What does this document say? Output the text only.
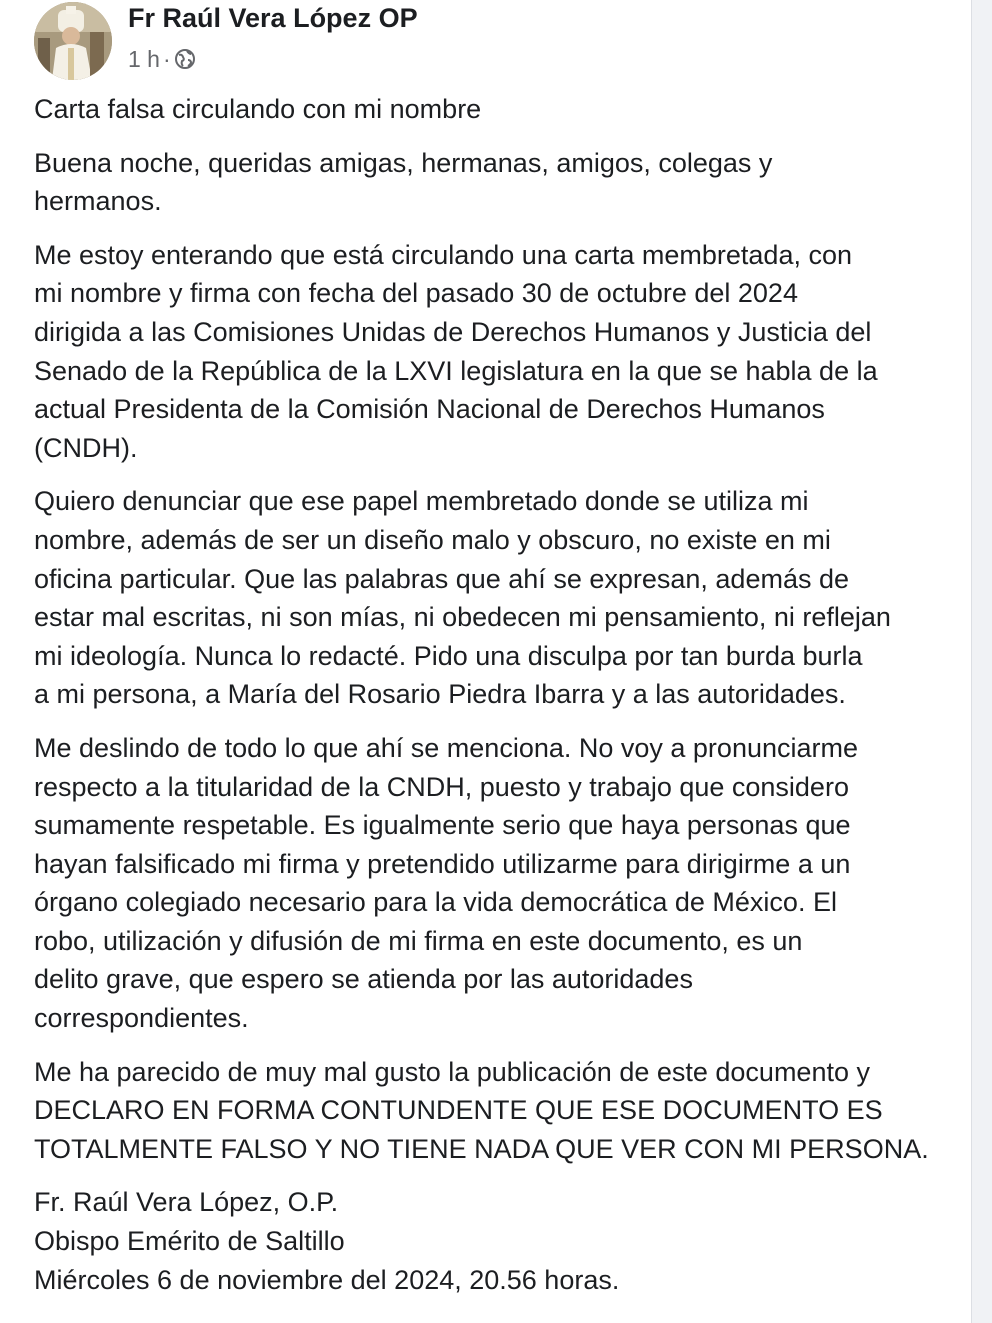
Fr Raúl Vera López OP
1 h ·

Carta falsa circulando con mi nombre

Buena noche, queridas amigas, hermanas, amigos, colegas y
hermanos.

Me estoy enterando que está circulando una carta membretada, con
mi nombre y firma con fecha del pasado 30 de octubre del 2024
dirigida a las Comisiones Unidas de Derechos Humanos y Justicia del
Senado de la República de la LXVI legislatura en la que se habla de la
actual Presidenta de la Comisión Nacional de Derechos Humanos
(CNDH).

Quiero denunciar que ese papel membretado donde se utiliza mi
nombre, además de ser un diseño malo y obscuro, no existe en mi
oficina particular. Que las palabras que ahí se expresan, además de
estar mal escritas, ni son mías, ni obedecen mi pensamiento, ni reflejan
mi ideología. Nunca lo redacté. Pido una disculpa por tan burda burla
a mi persona, a María del Rosario Piedra Ibarra y a las autoridades.

Me deslindo de todo lo que ahí se menciona. No voy a pronunciarme
respecto a la titularidad de la CNDH, puesto y trabajo que considero
sumamente respetable. Es igualmente serio que haya personas que
hayan falsificado mi firma y pretendido utilizarme para dirigirme a un
órgano colegiado necesario para la vida democrática de México. El
robo, utilización y difusión de mi firma en este documento, es un
delito grave, que espero se atienda por las autoridades
correspondientes.

Me ha parecido de muy mal gusto la publicación de este documento y
DECLARO EN FORMA CONTUNDENTE QUE ESE DOCUMENTO ES
TOTALMENTE FALSO Y NO TIENE NADA QUE VER CON MI PERSONA.

Fr. Raúl Vera López, O.P.
Obispo Emérito de Saltillo
Miércoles 6 de noviembre del 2024, 20.56 horas.
